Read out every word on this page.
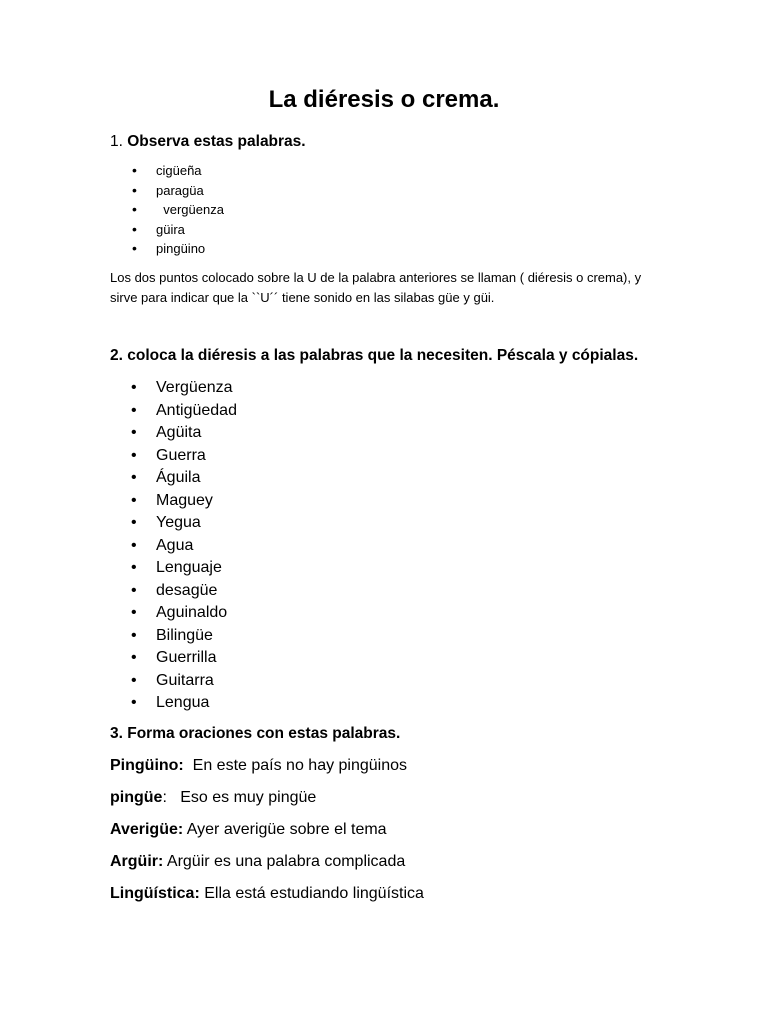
La diéresis o crema.

1. Observa estas palabras.

• cigüeña
• paragüa
•   vergüenza
• güira
• pingüino

Los dos puntos colocado sobre la U de la palabra anteriores se llaman ( diéresis o crema), y sirve para indicar que la ``U´´ tiene sonido en las silabas güe y güi.

2. coloca la diéresis a las palabras que la necesiten. Péscala y cópialas.

• Vergüenza
• Antigüedad
• Agüita
• Guerra
• Águila
• Maguey
• Yegua
• Agua
• Lenguaje
• desagüe
• Aguinaldo
• Bilingüe
• Guerrilla
• Guitarra
• Lengua

3. Forma oraciones con estas palabras.

Pingüino:  En este país no hay pingüinos

pingüe:   Eso es muy pingüe

Averigüe: Ayer averigüe sobre el tema

Argüir: Argüir es una palabra complicada

Lingüística: Ella está estudiando lingüística
